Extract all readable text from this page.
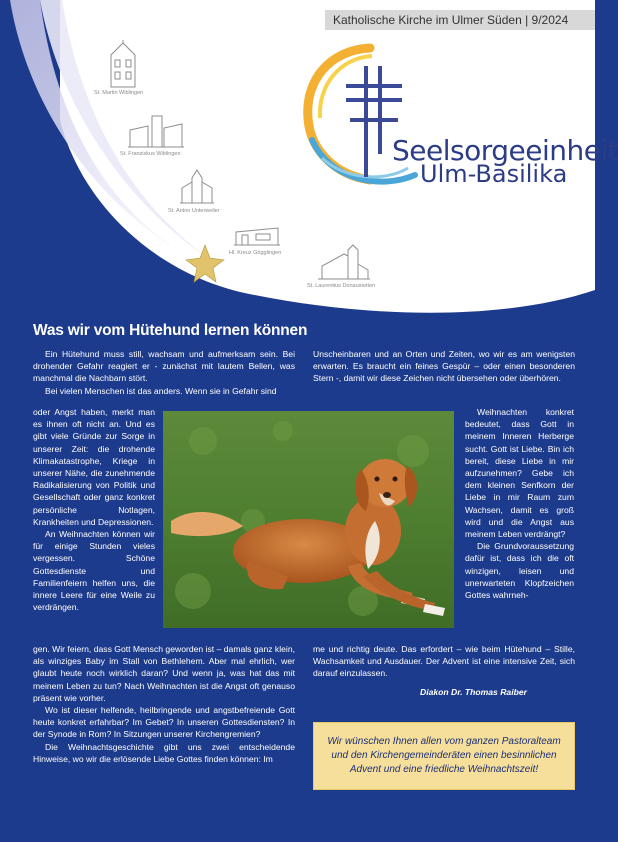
Katholische Kirche im Ulmer Süden | 9/2024
St. Martin Wiblingen
St. Franziskus Wiblingen
St. Anton Unterweiler
Hl. Kreuz Gögglingen
St. Laurentius Donaustetten
Seelsorgeeinheit
Ulm-Basilika
Was wir vom Hütehund lernen können

Ein Hütehund muss still, wachsam und aufmerksam sein. Bei drohender Gefahr reagiert er - zunächst mit lautem Bellen, was manchmal die Nachbarn stört.

Bei vielen Menschen ist das anders. Wenn sie in Gefahr sind

oder Angst haben, merkt man es ihnen oft nicht an. Und es gibt viele Gründe zur Sorge in unserer Zeit: die drohende Klimakatastrophe, Kriege in unserer Nähe, die zunehmende Radikalisierung von Politik und Gesellschaft oder ganz konkret persönliche Notlagen, Krankheiten und Depressionen.

An Weihnachten können wir für einige Stunden vieles vergessen. Schöne Gottesdienste und Familienfeiern helfen uns, die innere Leere für eine Weile zu verdrängen.

gen. Wir feiern, dass Gott Mensch geworden ist – damals ganz klein, als winziges Baby im Stall von Bethlehem. Aber mal ehrlich, wer glaubt heute noch wirklich daran? Und wenn ja, was hat das mit meinem Leben zu tun? Nach Weihnachten ist die Angst oft genauso präsent wie vorher.

Wo ist dieser helfende, heilbringende und angstbefreiende Gott heute konkret erfahrbar? Im Gebet? In unseren Gottesdiensten? In der Synode in Rom? In Sitzungen unserer Kirchengremien?

Die Weihnachtsgeschichte gibt uns zwei entscheidende Hinweise, wo wir die erlösende Liebe Gottes finden können: Im

Unscheinbaren und an Orten und Zeiten, wo wir es am wenigsten erwarten. Es braucht ein feines Gespür – oder einen besonderen Stern -, damit wir diese Zeichen nicht übersehen oder überhören.

Weihnachten konkret bedeutet, dass Gott in meinem Inneren Herberge sucht. Gott ist Liebe. Bin ich bereit, diese Liebe in mir aufzunehmen? Gebe ich dem kleinen Senfkorn der Liebe in mir Raum zum Wachsen, damit es groß wird und die Angst aus meinem Leben verdrängt?

Die Grundvoraussetzung dafür ist, dass ich die oft winzigen, leisen und unerwarteten Klopfzeichen Gottes wahrneh-

me und richtig deute. Das erfordert – wie beim Hütehund – Stille, Wachsamkeit und Ausdauer. Der Advent ist eine intensive Zeit, sich darauf einzulassen.

Diakon Dr. Thomas Raiber
Wir wünschen Ihnen allen vom ganzen Pastoralteam und den Kirchengemeinderäten einen besinnlichen Advent und eine friedliche Weihnachtszeit!
